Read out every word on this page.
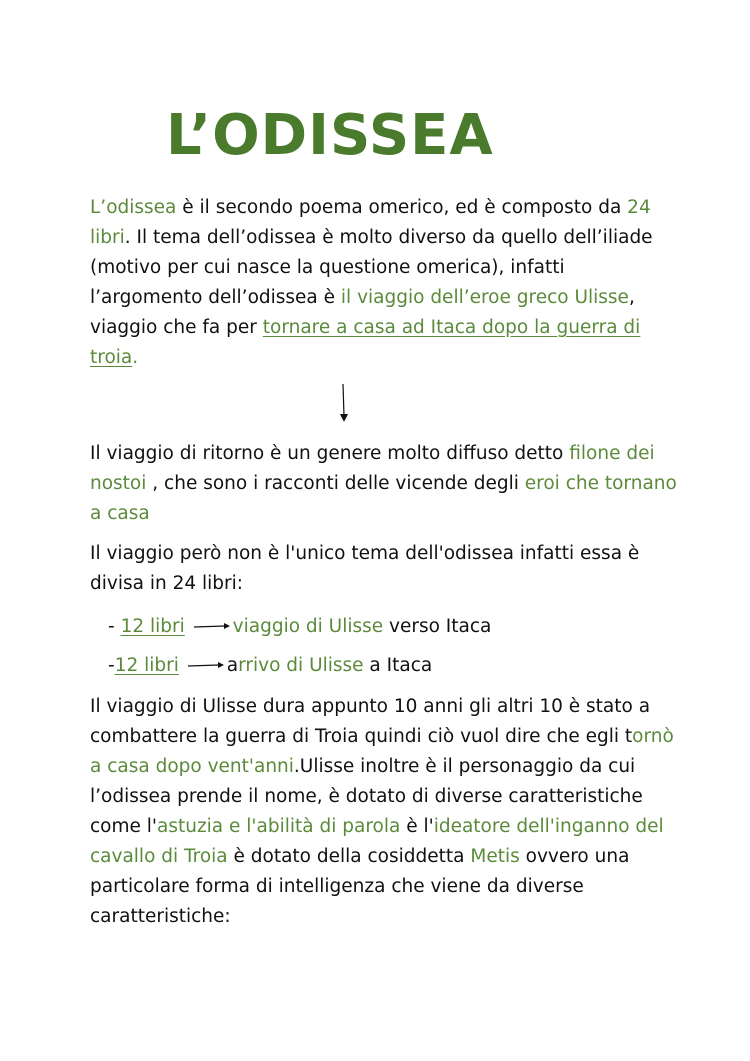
L’ODISSEA

L’odissea è il secondo poema omerico, ed è composto da 24 libri. Il tema dell’odissea è molto diverso da quello dell’iliade (motivo per cui nasce la questione omerica), infatti l’argomento dell’odissea è il viaggio dell’eroe greco Ulisse, viaggio che fa per tornare a casa ad Itaca dopo la guerra di troia.

Il viaggio di ritorno è un genere molto diffuso detto filone dei nostoi , che sono i racconti delle vicende degli eroi che tornano a casa

Il viaggio però non è l'unico tema dell'odissea infatti essa è divisa in 24 libri:

- 12 libri	viaggio di Ulisse verso Itaca
-12 libri	arrivo di Ulisse a Itaca

Il viaggio di Ulisse dura appunto 10 anni gli altri 10 è stato a combattere la guerra di Troia quindi ciò vuol dire che egli tornò a casa dopo vent'anni.Ulisse inoltre è il personaggio da cui l’odissea prende il nome, è dotato di diverse caratteristiche come l'astuzia e l'abilità di parola è l'ideatore dell'inganno del cavallo di Troia è dotato della cosiddetta Metis ovvero una particolare forma di intelligenza che viene da diverse caratteristiche:
